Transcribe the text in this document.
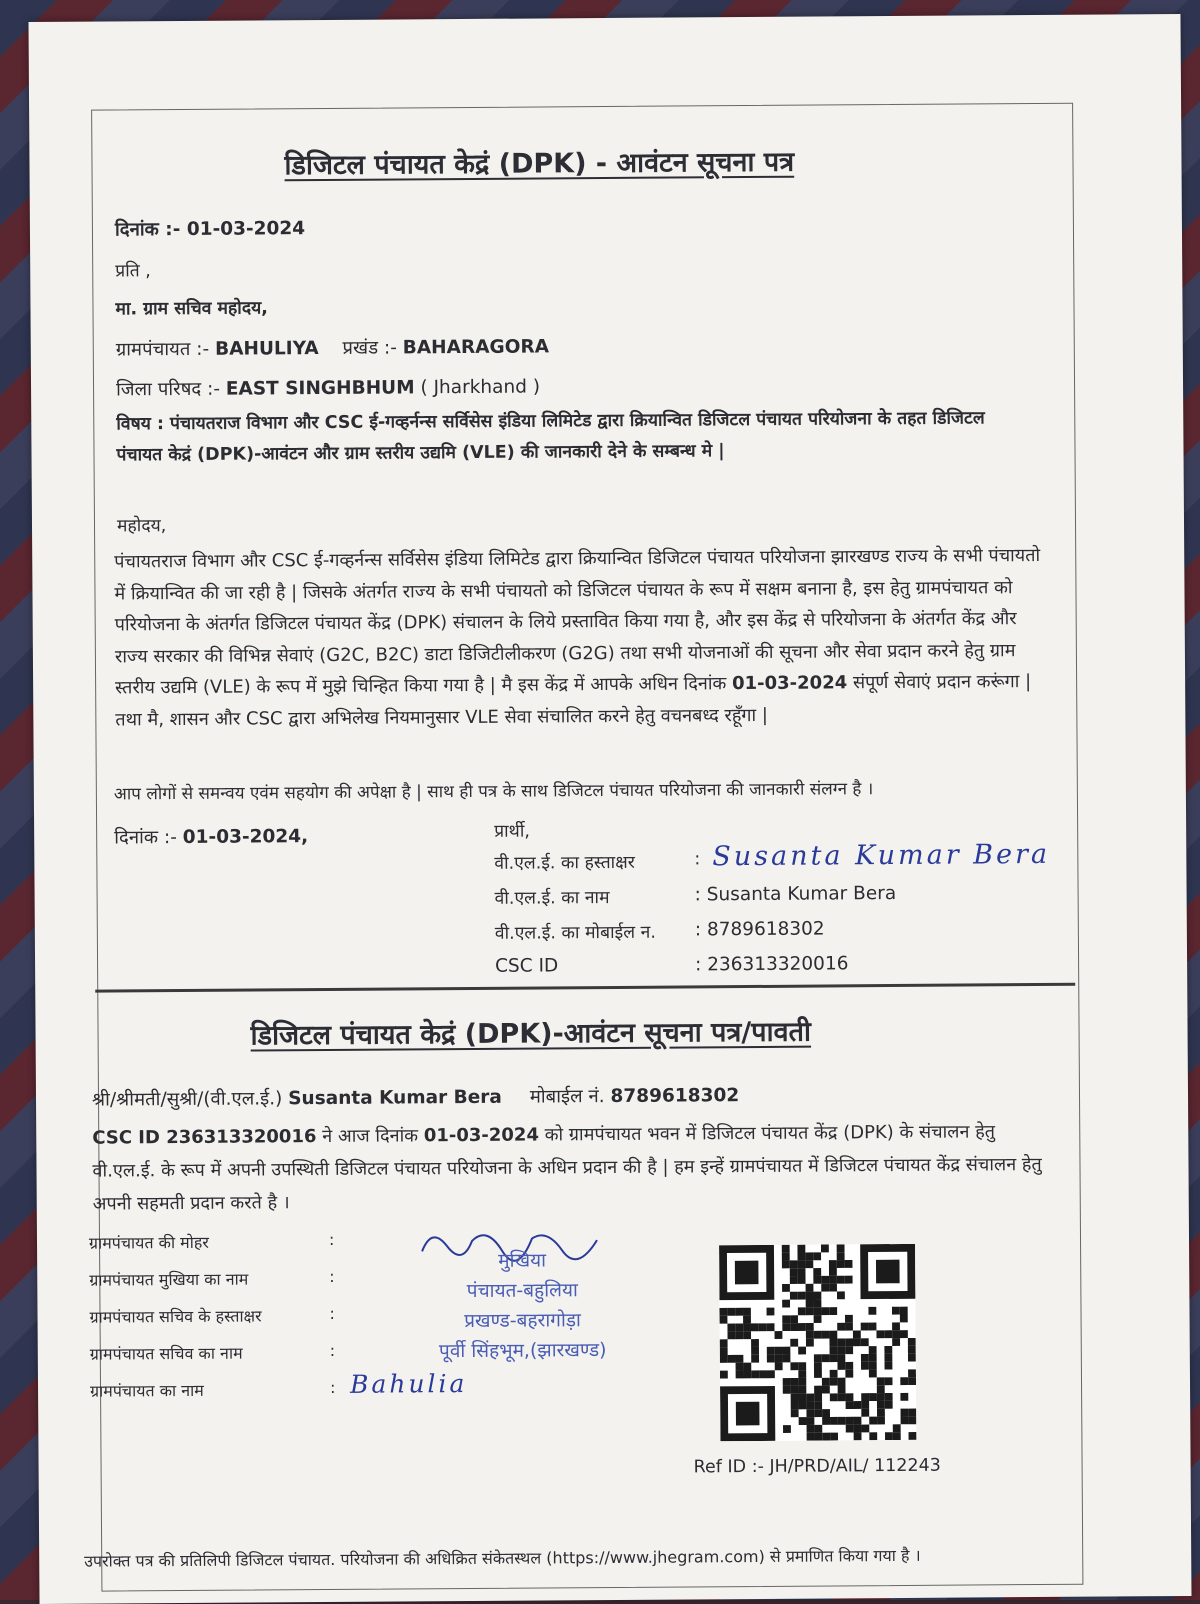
डिजिटल पंचायत केद्रं (DPK) - आवंटन सूचना पत्र
दिनांक :- 01-03-2024
प्रति ,
मा. ग्राम सचिव महोदय,
ग्रामपंचायत :- BAHULIYA प्रखंड :- BAHARAGORA
जिला परिषद :- EAST SINGHBHUM ( Jharkhand )
विषय : पंचायतराज विभाग और CSC ई-गव्हर्नन्स सर्विसेस इंडिया लिमिटेड द्वारा क्रियान्वित डिजिटल पंचायत परियोजना के तहत डिजिटल पंचायत केद्रं (DPK)-आवंटन और ग्राम स्तरीय उद्यमि (VLE) की जानकारी देने के सम्बन्ध मे |
महोदय,
पंचायतराज विभाग और CSC ई-गव्हर्नन्स सर्विसेस इंडिया लिमिटेड द्वारा क्रियान्वित डिजिटल पंचायत परियोजना झारखण्ड राज्य के सभी पंचायतो में क्रियान्वित की जा रही है | जिसके अंतर्गत राज्य के सभी पंचायतो को डिजिटल पंचायत के रूप में सक्षम बनाना है, इस हेतु ग्रामपंचायत को परियोजना के अंतर्गत डिजिटल पंचायत केंद्र (DPK) संचालन के लिये प्रस्तावित किया गया है, और इस केंद्र से परियोजना के अंतर्गत केंद्र और राज्य सरकार की विभिन्न सेवाएं (G2C, B2C) डाटा डिजिटीलीकरण (G2G) तथा सभी योजनाओं की सूचना और सेवा प्रदान करने हेतु ग्राम स्तरीय उद्यमि (VLE) के रूप में मुझे चिन्हित किया गया है | मै इस केंद्र में आपके अधिन दिनांक 01-03-2024 संपूर्ण सेवाएं प्रदान करूंगा | तथा मै, शासन और CSC द्वारा अभिलेख नियमानुसार VLE सेवा संचालित करने हेतु वचनबध्द रहूँगा |
आप लोगों से समन्वय एवंम सहयोग की अपेक्षा है | साथ ही पत्र के साथ डिजिटल पंचायत परियोजना की जानकारी संलग्न है ।
दिनांक :- 01-03-2024,	प्रार्थी,
वी.एल.ई. का हस्ताक्षर	: Susanta Kumar Bera
वी.एल.ई. का नाम	: Susanta Kumar Bera
वी.एल.ई. का मोबाईल न. : 8789618302
CSC ID	: 236313320016
डिजिटल पंचायत केद्रं (DPK)-आवंटन सूचना पत्र/पावती
श्री/श्रीमती/सुश्री/(वी.एल.ई.) Susanta Kumar Bera मोबाईल नं. 8789618302
CSC ID 236313320016 ने आज दिनांक 01-03-2024 को ग्रामपंचायत भवन में डिजिटल पंचायत केंद्र (DPK) के संचालन हेतु वी.एल.ई. के रूप में अपनी उपस्थिती डिजिटल पंचायत परियोजना के अधिन प्रदान की है | हम इन्हें ग्रामपंचायत में डिजिटल पंचायत केंद्र संचालन हेतु अपनी सहमती प्रदान करते है ।
ग्रामपंचायत की मोहर	:
ग्रामपंचायत मुखिया का नाम	:
ग्रामपंचायत सचिव के हस्ताक्षर	:
ग्रामपंचायत सचिव का नाम	:
ग्रामपंचायत का नाम	: Bahulia
मुखिया
पंचायत-बहुलिया
प्रखण्ड-बहरागोड़ा
पूर्वी सिंहभूम,(झारखण्ड)
Ref ID :- JH/PRD/AIL/ 112243
उपरोक्त पत्र की प्रतिलिपी डिजिटल पंचायत. परियोजना की अधिक्रित संकेतस्थल (https://www.jhegram.com) से प्रमाणित किया गया है ।
